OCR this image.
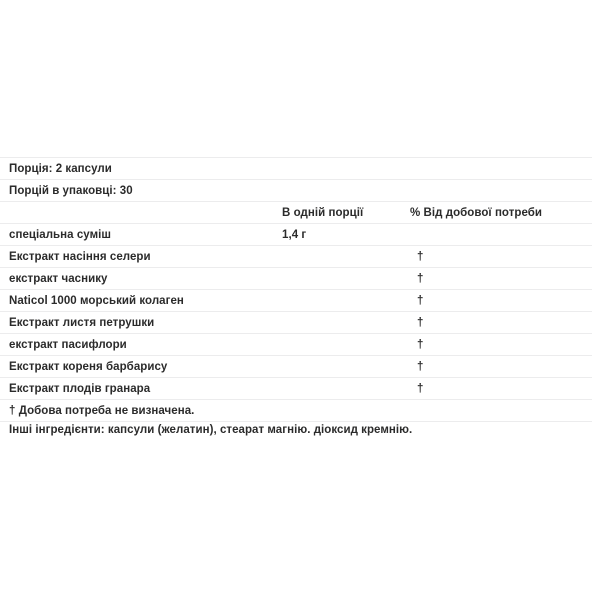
Порція: 2 капсули		
Порцій в упаковці: 30		
	В одній порції	% Від добової потреби
спеціальна суміш	1,4 г	
Екстракт насіння селери		†
екстракт часнику		†
Naticol 1000 морський колаген		†
Екстракт листя петрушки		†
екстракт пасифлори		†
Екстракт кореня барбарису		†
Екстракт плодів гранара		†
† Добова потреба не визначена.		
Інші інгредієнти: капсули (желатин), стеарат магнію. діоксид кремнію.
